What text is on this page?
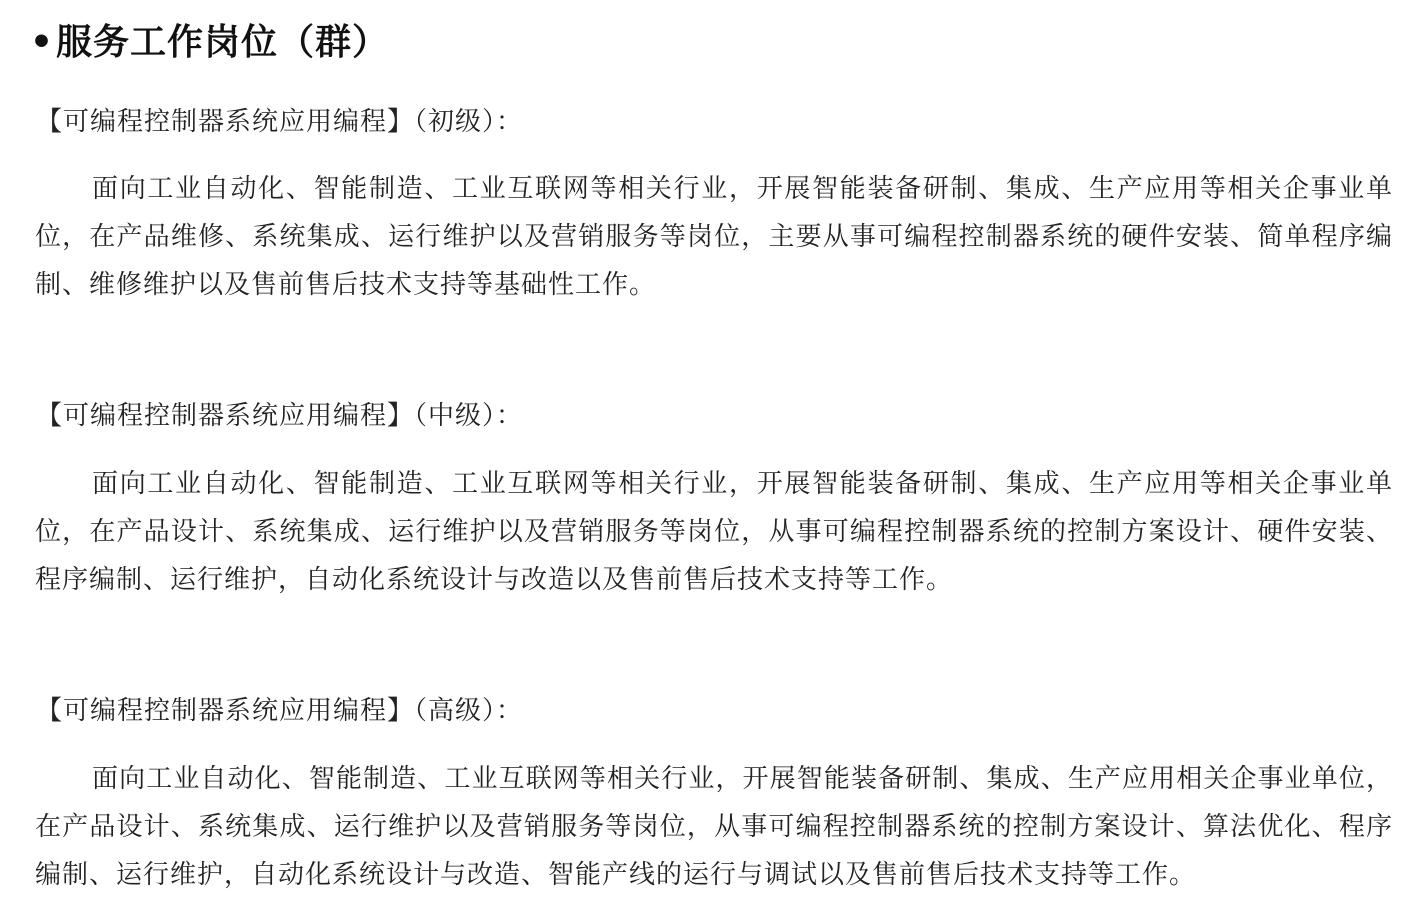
•服务工作岗位（群）
【可编程控制器系统应用编程】（初级）：

面向工业自动化、智能制造、工业互联网等相关行业，开展智能装备研制、集成、生产应用等相关企事业单位，在产品维修、系统集成、运行维护以及营销服务等岗位，主要从事可编程控制器系统的硬件安装、简单程序编制、维修维护以及售前售后技术支持等基础性工作。

【可编程控制器系统应用编程】（中级）：

面向工业自动化、智能制造、工业互联网等相关行业，开展智能装备研制、集成、生产应用等相关企事业单位，在产品设计、系统集成、运行维护以及营销服务等岗位，从事可编程控制器系统的控制方案设计、硬件安装、程序编制、运行维护，自动化系统设计与改造以及售前售后技术支持等工作。

【可编程控制器系统应用编程】（高级）：

面向工业自动化、智能制造、工业互联网等相关行业，开展智能装备研制、集成、生产应用相关企事业单位，在产品设计、系统集成、运行维护以及营销服务等岗位，从事可编程控制器系统的控制方案设计、算法优化、程序编制、运行维护，自动化系统设计与改造、智能产线的运行与调试以及售前售后技术支持等工作。
